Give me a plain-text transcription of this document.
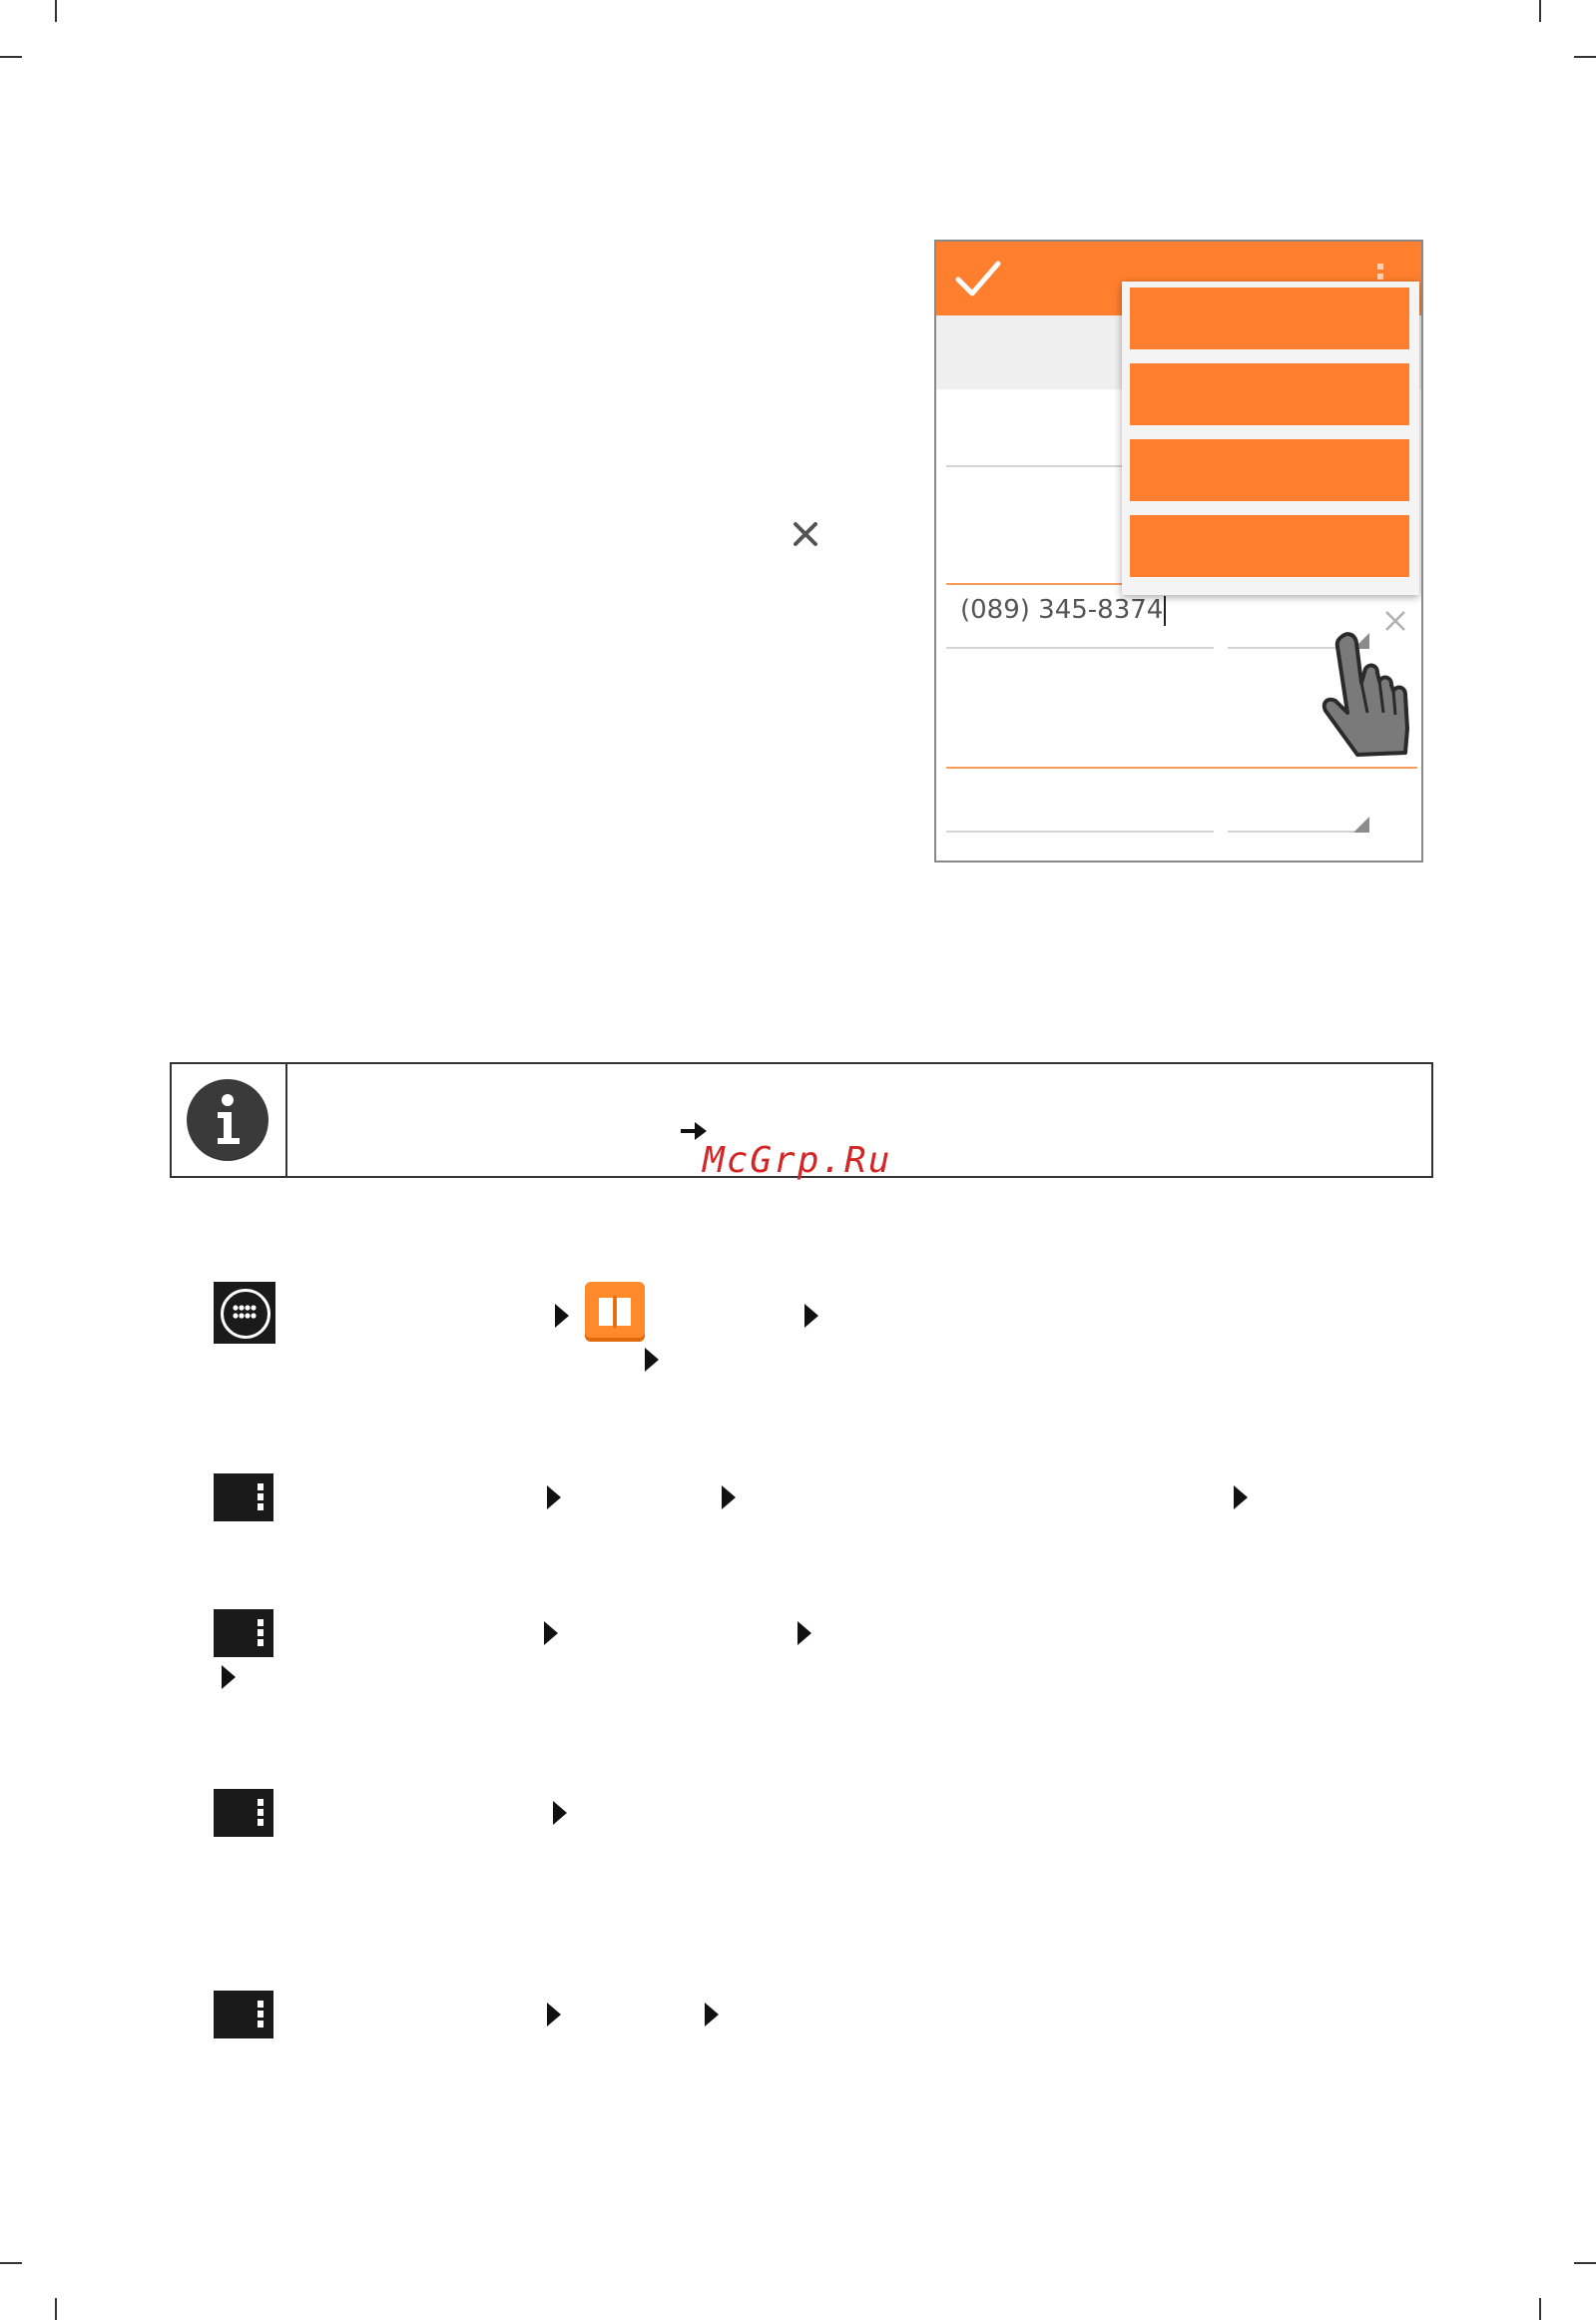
(089) 345-8374
McGrp.Ru
